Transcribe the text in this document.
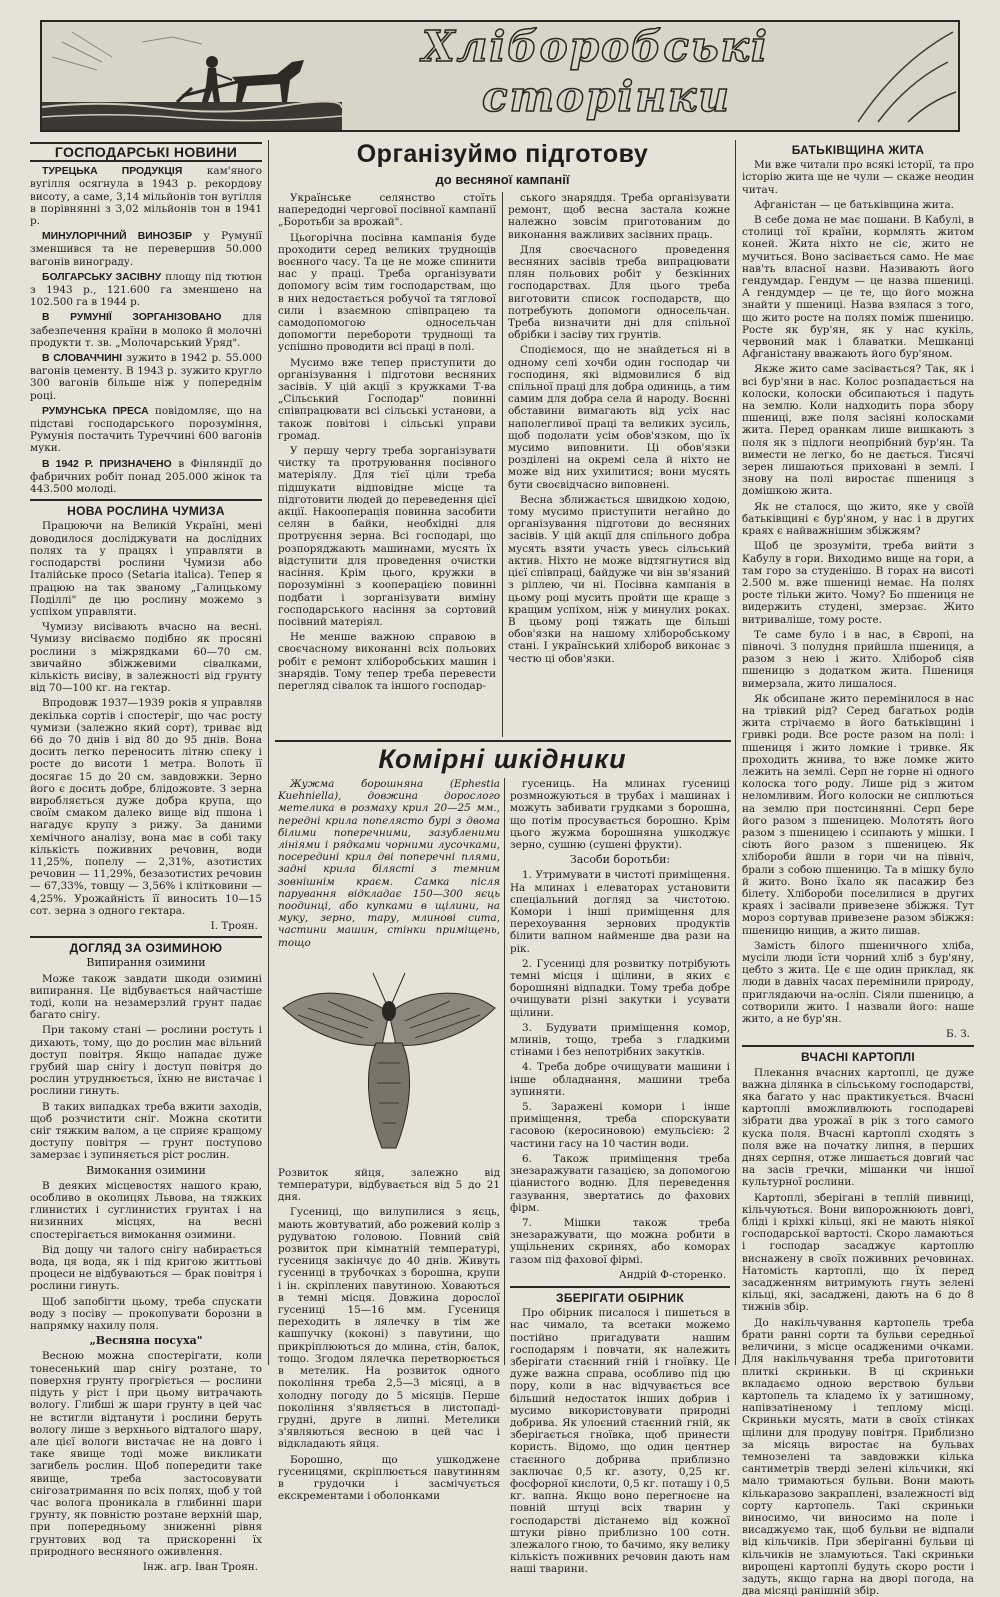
Хліборобські
сторінки
ГОСПОДАРСЬКІ НОВИНИ

ТУРЕЦЬКА ПРОДУКЦІЯ кам'яного вугілля осягнула в 1943 р. рекордову висоту, а саме, 3,14 мільйонів тон вугілля в порівнянні з 3,02 мільйонів тон в 1941 р.

МИНУЛОРІЧНИЙ ВИНОЗБІР у Румунії зменшився та не перевершив 50.000 вагонів винограду.

БОЛГАРСЬКУ ЗАСІВНУ площу під тютюн з 1943 р., 121.600 га зменшено на 102.500 га в 1944 р.

В РУМУНІЇ ЗОРГАНІЗОВАНО для забезпечення країни в молоко й молочні продукти т. зв. „Молочарський Уряд".

В СЛОВАЧЧИНІ зужито в 1942 р. 55.000 вагонів цементу. В 1943 р. зужито кругло 300 вагонів більше ніж у попереднім році.

РУМУНСЬКА ПРЕСА повідомляє, що на підставі господарського порозуміння, Румунія постачить Туреччині 600 вагонів муки.

В 1942 Р. ПРИЗНАЧЕНО в Фінляндії до фабричних робіт понад 205.000 жінок та 443.500 молоді.

НОВА РОСЛИНА ЧУМИЗА

Працюючи на Великій Україні, мені доводилося досліджувати на дослідних полях та у працях і управляти в господарстві рослини Чумизи або Італійське просо (Setaria italica). Тепер я працюю на так званому „Галицькому Поділлі" де цю рослину можемо з успіхом управляти.

Чумизу висівають вчасно на весні. Чумизу висіваємо подібно як просяні рослини з міжрядками 60—70 см. звичайно збіжжевими сівалками, кількість висіву, в залежності від грунту від 70—100 кг. на гектар.

Впродовж 1937—1939 років я управляв декілька сортів і спостеріг, що час росту чумизи (залежно який сорт), триває від 66 до 70 днів і від 80 до 95 днів. Вона досить легко переносить літню спеку і росте до висоти 1 метра. Волоть її досягає 15 до 20 см. завдовжки. Зерно його є досить добре, блідожовте. З зерна виробляється дуже добра крупа, що своїм смаком далеко вище від пшона і нагадує крупу з рижу. За даними хемічного аналізу, вона має в собі таку кількість поживних речовин, води 11,25%, попелу — 2,31%, азотистих речовин — 11,29%, безазотистих речовин — 67,33%, товщу — 3,56% і клітковини — 4,25%. Урожайність її виносить 10—15 сот. зерна з одного гектара.

І. Троян.
ДОГЛЯД ЗА ОЗИМИНОЮ
Випирання озимини

Може також завдати шкоди озимині випирання. Це відбувається найчастіше тоді, коли на незамерзлий грунт падає багато снігу.

При такому стані — рослини ростуть і дихають, тому, що до рослин має вільний доступ повітря. Якщо нападає дуже грубий шар снігу і доступ повітря до рослин утруднюється, їхню не вистачає і рослини гинуть.

В таких випадках треба вжити заходів, щоб розчистити сніг. Можна скотити сніг тяжким валом, а це сприяє кращому доступу повітря — грунт поступово замерзає і зупиняється ріст рослин.

Вимокання озимини

В деяких місцевостях нашого краю, особливо в околицях Львова, на тяжких глинистих і суглинистих грунтах і на низинних місцях, на весні спостерігається вимокання озимини.

Від дощу чи талого снігу набирається вода, ця вода, як і під кригою життьові процеси не відбуваються — брак повітря і рослини гинуть.

Щоб запобігти цьому, треба спускати воду з посіву — прокопувати борозни в напрямку нахилу поля.

„Весняна посуха"

Весною можна спостерігати, коли тонесенький шар снігу розтане, то поверхня грунту прогріється — рослини підуть у ріст і при цьому витрачають вологу. Глибші ж шари грунту в цей час не встигли відтанути і рослини беруть вологу лише з верхнього відталого шару, але цієї вологи вистачає не на довго і таке явище тоді може викликати загибель рослин. Щоб попередити таке явище, треба застосовувати снігозатримання по всіх полях, щоб у той час волога проникала в глибинні шари грунту, як повністю розтане верхній шар, при попередньому зниженні рівня грунтових вод та прискоренні їх природного весняного оживлення.

Інж. агр. Іван Троян.
Організуймо підготову
до весняної кампанії

Українське селянство стоїть напередодні чергової посівної кампанії „Боротьби за врожай".

Цьогорічна посівна кампанія буде проходити серед великих труднощів воєнного часу. Та це не може спинити нас у праці. Треба організувати допомогу всім тим господарствам, що в них недостається робучої та тяглової сили і взаємною співпрацею та самодопомогою односельчан допомогти перебороти труднощі та успішно проводити всі праці в полі.

Мусимо вже тепер приступити до організування і підготови весняних засівів. У цій акції з кружками Т-ва „Сільський Господар" повинні співпрацювати всі сільські установи, а також повітові і сільські управи громад.

У першу чергу треба зорганізувати чистку та протруювання посівного матеріялу. Для тієї ціли треба підшукати відповідне місце та підготовити людей до переведення цієї акції. Накооперація повинна засобити селян в байки, необхідні для протруєння зерна. Всі господарі, що розпоряджають машинами, мусять їх відступити для проведення очистки насіння. Крім цього, кружки в порозумінні з кооперацією повинні подбати і зорганізувати виміну господарського насіння за сортовий посівний матеріял.

Не меншe важною справою в своєчасному виконанні всіх польових робіт є ремонт хліборобських машин і знарядів. Тому тепер треба перевести перегляд сівалок та іншого господар-

ського знаряддя. Треба організувати ремонт, щоб весна застала кожне належно зовсім приготованим до виконання важливих засівних праць.

Для своєчасного проведення весняних засівів треба випрацювати плян польових робіт у безкінних господарствах. Для цього треба виготовити список господарств, що потребують допомоги односельчан. Треба визначити дні для спільної обрібки і засіву тих грунтів.

Сподіємося, що не знайдеться ні в одному селі хочби один господар чи господиня, які відмовилися б від спільної праці для добра одиниць, а тим самим для добра села й народу. Воєнні обставини вимагають від усіх нас наполегливої праці та великих зусиль, щоб подолати усім обов'язком, що їх мусимо виповнити. Ці обов'язки розділені на окремі села й ніхто не може від них ухилитися; вони мусять бути своєвідчасно виповнені.

Весна зближається швидкою ходою, тому мусимо приступити негайно до організування підготови до весняних засівів. У цій акції для спільного добра мусять взяти участь увесь сільський актив. Ніхто не може відтягнутися від цієї співпраці, байдуже чи він зв'язаний з ріллею, чи ні. Посівна кампанія в цьому році мусить пройти ще краще з кращим успіхом, ніж у минулих роках. В цьому році тяжать ще більші обов'язки на нашому хліборобському стані. І український хлібороб виконає з честю ці обов'язки.

Комірні шкідники

Жужма борошняна (Ephestia Kuehniella), довжина дорослого метелика в розмаху крил 20—25 мм., передні крила попелясто бурі з двома білими поперечними, зазубленими лініями і рядками чорними лусочками, посередині крил дві поперечні плями, задні крила білясті з темним зовнішнім краєм. Самка після парування відкладає 150—300 яєць поодинці, або купками в щілини, на муку, зерно, тару, млинові сита, частини машин, стінки приміщень, тощо

Розвиток яйця, залежно від температури, відбувається від 5 до 21 дня.

Гусениці, що вилупилися з яєць, мають жовтуватий, або рожевий колір з рудуватою головою. Повний свій розвиток при кімнатній температурі, гусениця закінчує до 40 днів. Живуть гусениці в трубочках з борошна, крупи і ін. скріплених павутиною. Ховаються в темні місця. Довжина дорослої гусениці 15—16 мм. Гусениця переходить в лялечку в тім же кашпучку (коконі) з павутини, що прикріплюються до млина, стін, балок, тощо. Згодом лялечка перетворюється в метелик. На розвиток одного покоління треба 2,5—3 місяці, а в холодну погоду до 5 місяців. Перше покоління з'являється в листопаді-грудні, друге в липні. Метелики з'являються весною в цей час і відкладають яйця.

Борошно, що ушкоджене гусеницями, скріплюється павутинням в грудочки і засмічується екскрементами і оболонками

гусениць. На млинах гусениці розмножуються в трубах і машинах і можуть забивати грудками з борошна, що потім просувається борошно. Крім цього жужма борошняна ушкоджує зерно, сушню (сушені фрукти).

Засоби боротьби:

1. Утримувати в чистоті приміщення. На млинах і елеваторах установити спеціальний догляд за чистотою. Комори і інші приміщення для перехоування зернових продуктів білити вапном найменше два рази на рік.

2. Гусениці для розвитку потрібують темні місця і щілини, в яких є борошняні відпадки. Тому треба добре очищувати різні закутки і усувати щілини.

3. Будувати приміщення комор, млинів, тощо, треба з гладкими стінами і без непотрібних закутків.

4. Треба добре очищувати машини і інше обладнання, машини треба зупиняти.

5. Заражені комори і інше приміщення, треба спорскувати гасовою (кероcиновою) емульсією: 2 частини гасу на 10 частин води.

6. Також приміщення треба знезаражувати газацією, за допомогою ціанистого водню. Для переведення газування, звертатись до фахових фірм.

7. Мішки також треба знезаражувати, що можна робити в ущільнених скринях, або коморах газом під фахової фірмі.

Андрій Ф-сторенко.
ЗБЕРІГАТИ ОБІРНИК

Про обірник писалося і пишеться в нас чимало, та всетаки можемо постійно пригадувати нашим господарям і повчати, як належить зберігати стаєнний гній і гноївку. Це дуже важна справа, особливо під цю пору, коли в нас відчувається все більший недостаток інших добрив і мусимо використовувати природні добрива. Як улоєний стаєнний гній, як зберігається гноївка, щоб принести користь. Відомо, що один центнер стаєнного добрива приблизно заключає 0,5 кг. азоту, 0,25 кг. фосфорної кислоти, 0,5 кг. поташу і 0,5 кг. вапна. Якщо воно перегноєне на повній штуці всіх тварин у господарстві дістанемо від кожної штуки рівно приблизно 100 сотн. злежалого гною, то бачимо, яку велику кількість поживних речовин дають нам наші тварини.

БАТЬКІВЩИНА ЖИТА

Ми вже читали про всякі історії, та про історію жита ще не чули — скаже неодин читач.

Афганістан — це батьківщина жита.

В себе дома не має пошани. В Кабулі, в столиці тої країни, кормлять житом коней. Жита ніхто не сіє, жито не мучиться. Воно засівається само. Не має нав'ть власної назви. Називають його гендумдар. Гендум — це назва пшениці. А гендумдер — це те, що його можна знайти у пшениці. Назва взялася з того, що жито росте на полях поміж пшеницю. Росте як бур'ян, як у нас кукіль, червоний мак і блаватки. Мешканці Афганістану вважають його бур'яном.

Якже жито саме засівається? Так, як і всі бур'яни в нас. Колос розпадається на колоски, колоски обсипаються і падуть на землю. Коли надходить пора збору пшениці, вже поля засіяні колосками жита. Перед оранкам лише вишкають з поля як з підлоги неопрібний бур'ян. Та вимести не легко, бо не дається. Тисячі зерен лишаються приховані в землі. І знову на полі виростає пшениця з домішкою жита.

Як не сталося, що жито, яке у своїй батьківщині є бур'яном, у нас і в других краях є найважнішим збіжжям?

Щоб це зрозуміти, треба вийти з Кабулу в гори. Виходимо вище на гори, а там горо за студенішо. В горах на висоті 2.500 м. вже пшениці немає. На полях росте тільки жито. Чому? Бо пшениця не видержить студені, змерзає. Жито витриваліше, тому росте.

Те саме було і в нас, в Європі, на півночі. З полудня прийшла пшениця, а разом з нею і жито. Хлібороб сіяв пшеницю з додатком жита. Пшениця вимерзала, жито лишалося.

Як обсипане жито перемінилося в нас на трівкий рід? Серед багатьох родів жита стрічаємо в його батьківщині і гривкі роди. Все росте разом на полі: і пшениця і жито ломкие і тривке. Як проходить жнива, то вже ломке жито лежить на землі. Серп не горне ні одного колоска того роду. Лише рід з житом неломливим. Його колоски не сиплються на землю при постсинянні. Серп бере його разом з пшеницею. Молотять його разом з пшеницею і ссипають у мішки. І сіють його разом з пшеницею. Як хлібороби йшли в гори чи на північ, брали з собою пшеницю. Та в мішку було й жито. Воно їхало як пасажир без білету. Хлібороби поселилися в других краях і засівали привезене збіжжя. Тут мороз сортував привезене разом збіжжя: пшеницю нищив, а жито лишав.

Замість білого пшеничного хліба, мусіли люди їсти чорний хліб з бур'яну, цебто з жита. Це є ще один приклад, як люди в давніх часах перемінили природу, приглядаючи на-осліп. Сіяли пшеницю, а сотворили жито. І назвали його: наше жито, а не бур'ян.

Б. З.
ВЧАСНІ КАРТОПЛІ

Плекання вчасних картоплі, це дуже важна ділянка в сільському господарстві, яка багато у нас практикується. Вчасні картоплі вможливлюють господареві зібрати два урожаї в рік з того самого куска поля. Вчасні картоплі сходять з поля вже на початку липня, в перших днях серпня, отже лишається довгий час на засів гречки, мішанки чи іншої культурної рослини.

Картоплі, зберігані в теплій пивниці, кільчуються. Вони випорожнюють довгі, бліді і кріхкі кільці, які не мають ніякої господарської вартості. Скоро ламаються і господар засаджує картоплю виснажену в своїх поживних речовинах. Натомість картоплі, що їх перед засадженням витримують гнуть зелені кільці, які, засаджені, дають на 6 до 8 тижнів збір.

До накільчування картопель треба брати ранні сорти та бульви середньої величини, з місце осадженими очками. Для накільчування треба приготовити плиткі скриньки. В ці скриньки вкладаємо одною верствою бульви картопель та кладемо їх у затишному, напівзатіненому і теплому місці. Скриньки мусять, мати в своїх стінках щілини для продуву повітря. Приблизно за місяць виростає на бульвах темнозелені та завдовжки кілька сантиметрів тверді зелені кільчики, які мало тримаються бульви. Вони мають кількаразово закраплені, взалежності від сорту картопель. Такі скриньки виносимо, чи виносимо на поле і висаджуємо так, щоб бульви не відпали від кільчиків. При зберіганні бульви ці кільчиків не зламуються. Такі скриньки вирощені картоплі будуть скоро рости і задуть, якщо гарна на дворі погода, на два місяці ранішній збір.
